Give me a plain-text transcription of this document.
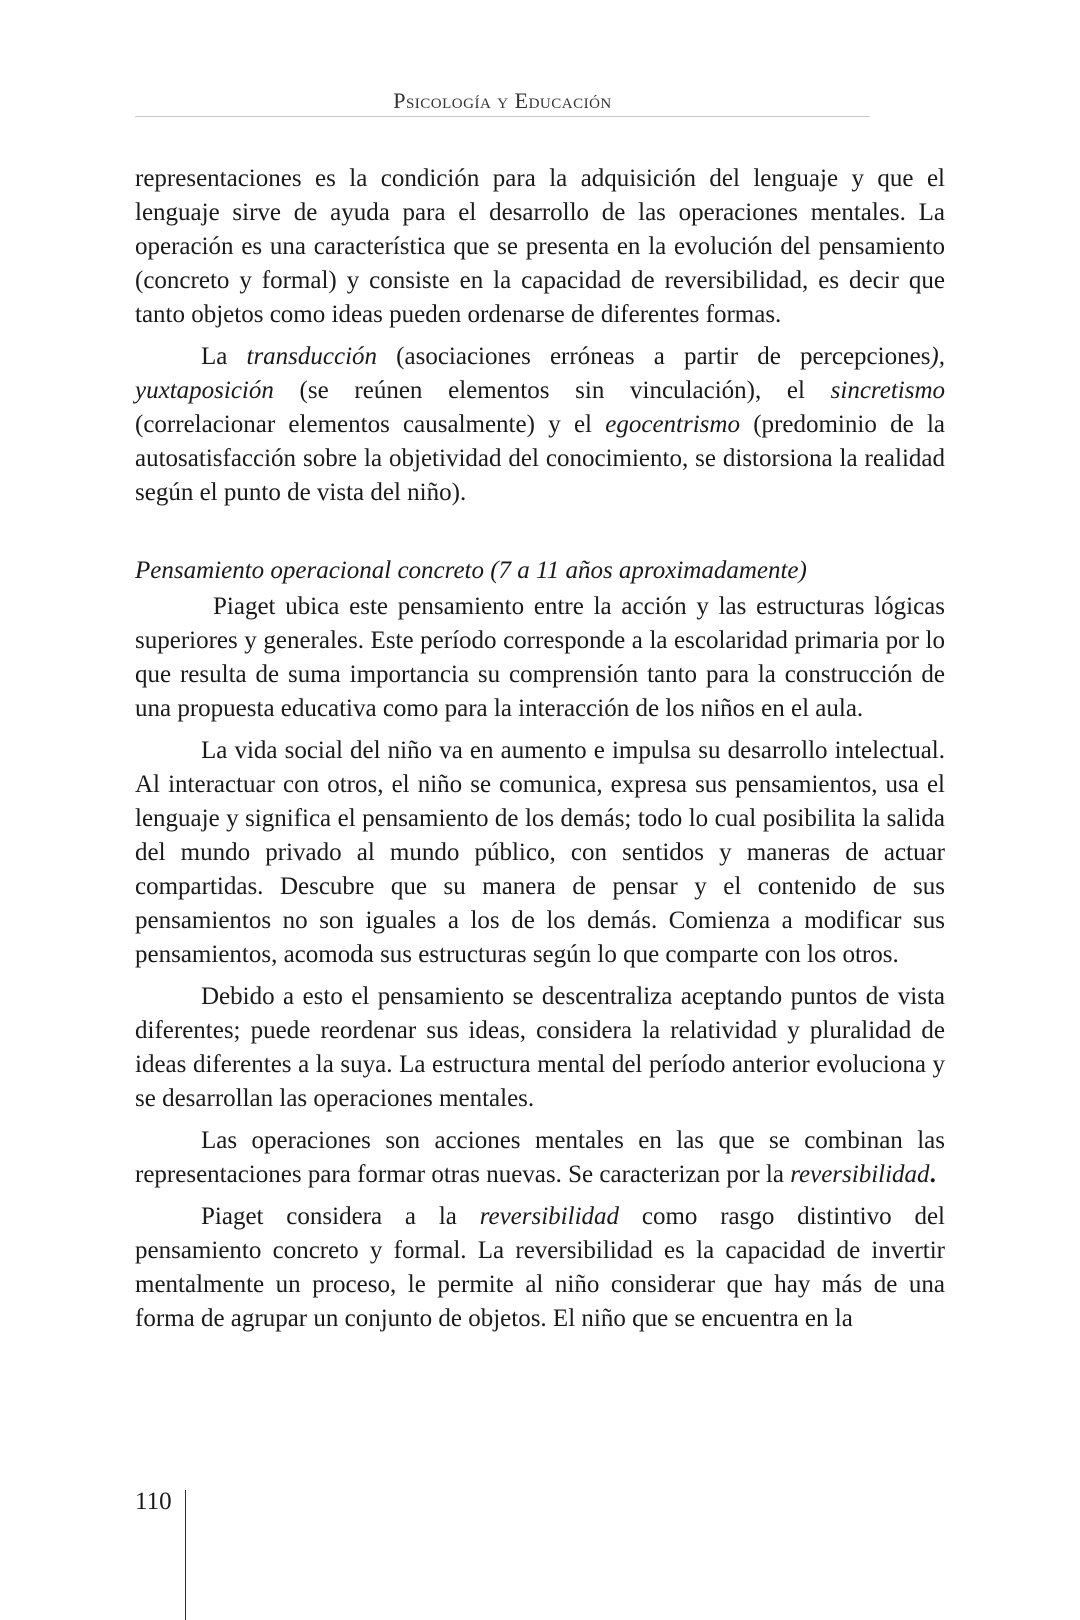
Psicología y Educación

representaciones es la condición para la adquisición del lenguaje y que el lenguaje sirve de ayuda para el desarrollo de las operaciones mentales. La operación es una característica que se presenta en la evolución del pensamiento (concreto y formal) y consiste en la capacidad de reversibilidad, es decir que tanto objetos como ideas pueden ordenarse de diferentes formas.

La transducción (asociaciones erróneas a partir de percepciones), yuxtaposición (se reúnen elementos sin vinculación), el sincretismo (correlacionar elementos causalmente) y el egocentrismo (predominio de la autosatisfacción sobre la objetividad del conocimiento, se distorsiona la realidad según el punto de vista del niño).

Pensamiento operacional concreto (7 a 11 años aproximadamente)

Piaget ubica este pensamiento entre la acción y las estructuras lógicas superiores y generales. Este período corresponde a la escolaridad primaria por lo que resulta de suma importancia su comprensión tanto para la construcción de una propuesta educativa como para la interacción de los niños en el aula.

La vida social del niño va en aumento e impulsa su desarrollo intelectual. Al interactuar con otros, el niño se comunica, expresa sus pensamientos, usa el lenguaje y significa el pensamiento de los demás; todo lo cual posibilita la salida del mundo privado al mundo público, con sentidos y maneras de actuar compartidas. Descubre que su manera de pensar y el contenido de sus pensamientos no son iguales a los de los demás. Comienza a modificar sus pensamientos, acomoda sus estructuras según lo que comparte con los otros.

Debido a esto el pensamiento se descentraliza aceptando puntos de vista diferentes; puede reordenar sus ideas, considera la relatividad y pluralidad de ideas diferentes a la suya. La estructura mental del período anterior evoluciona y se desarrollan las operaciones mentales.

Las operaciones son acciones mentales en las que se combinan las representaciones para formar otras nuevas. Se caracterizan por la reversibilidad.

Piaget considera a la reversibilidad como rasgo distintivo del pensamiento concreto y formal. La reversibilidad es la capacidad de invertir mentalmente un proceso, le permite al niño considerar que hay más de una forma de agrupar un conjunto de objetos. El niño que se encuentra en la

110
